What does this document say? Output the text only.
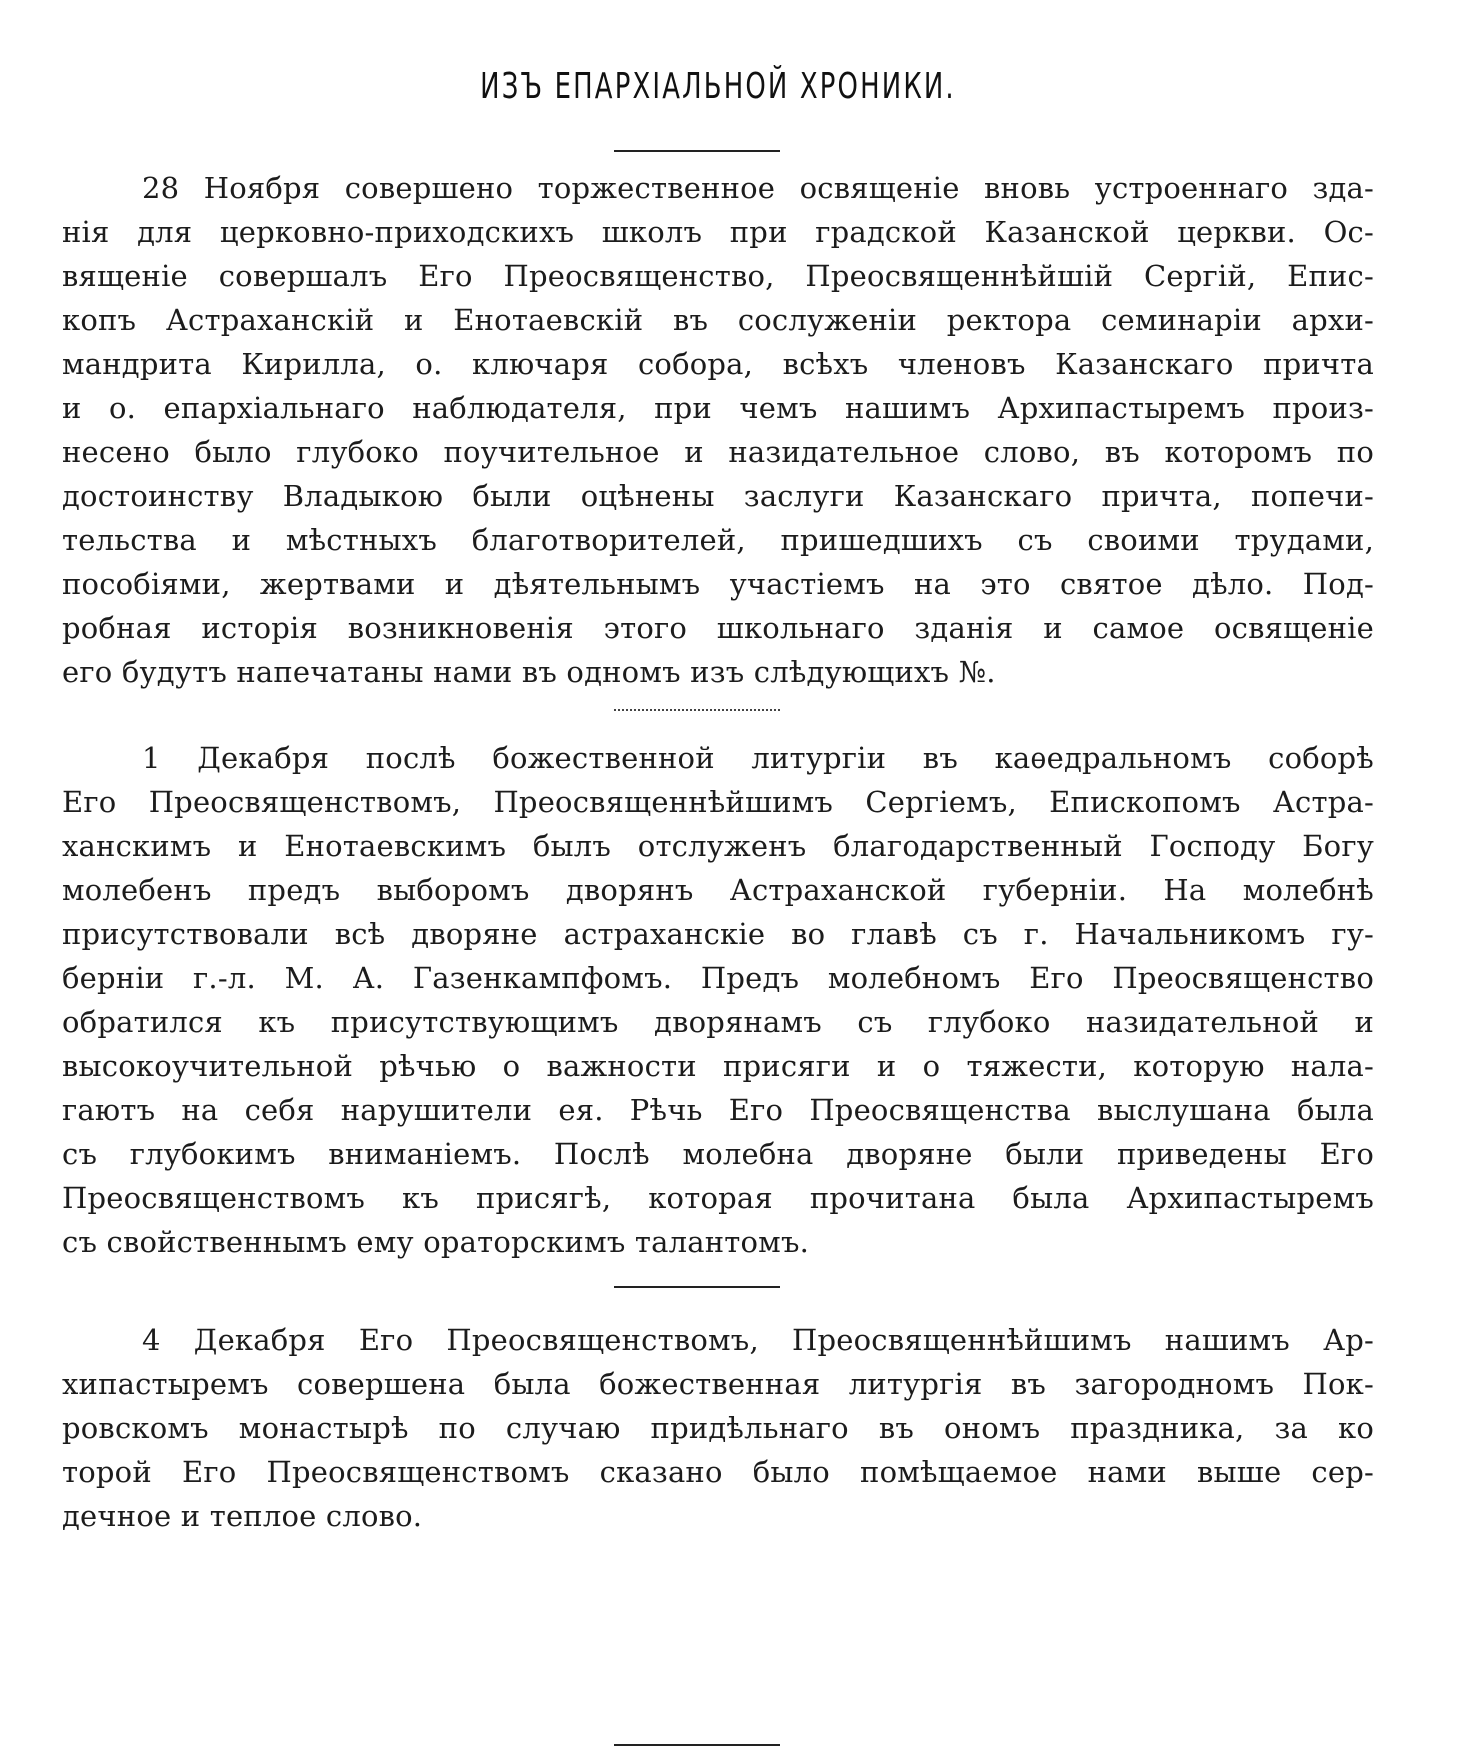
ИЗЪ ЕПАРХІАЛЬНОЙ ХРОНИКИ.
28 Ноября совершено торжественное освященіе вновь устроеннаго зда-
нія для церковно-приходскихъ школъ при градской Казанской церкви. Ос-
вященіе совершалъ Его Преосвященство, Преосвященнѣйшій Сергій, Епис-
копъ Астраханскій и Енотаевскій въ сослуженіи ректора семинаріи архи-
мандрита Кирилла, о. ключаря собора, всѣхъ членовъ Казанскаго причта
и о. епархіальнаго наблюдателя, при чемъ нашимъ Архипастыремъ произ-
несено было глубоко поучительное и назидательное слово, въ которомъ по
достоинству Владыкою были оцѣнены заслуги Казанскаго причта, попечи-
тельства и мѣстныхъ благотворителей, пришедшихъ съ своими трудами,
пособіями, жертвами и дѣятельнымъ участіемъ на это святое дѣло. Под-
робная исторія возникновенія этого школьнаго зданія и самое освященіе
его будутъ напечатаны нами въ одномъ изъ слѣдующихъ №.
1 Декабря послѣ божественной литургіи въ каѳедральномъ соборѣ
Его Преосвященствомъ, Преосвященнѣйшимъ Сергіемъ, Епископомъ Астра-
ханскимъ и Енотаевскимъ былъ отслуженъ благодарственный Господу Богу
молебенъ предъ выборомъ дворянъ Астраханской губерніи. На молебнѣ
присутствовали всѣ дворяне астраханскіе во главѣ съ г. Начальникомъ гу-
берніи г.-л. М. А. Газенкампфомъ. Предъ молебномъ Его Преосвященство
обратился къ присутствующимъ дворянамъ съ глубоко назидательной и
высокоучительной рѣчью о важности присяги и о тяжести, которую нала-
гаютъ на себя нарушители ея. Рѣчь Его Преосвященства выслушана была
съ глубокимъ вниманіемъ. Послѣ молебна дворяне были приведены Его
Преосвященствомъ къ присягѣ, которая прочитана была Архипастыремъ
съ свойственнымъ ему ораторскимъ талантомъ.
4 Декабря Его Преосвященствомъ, Преосвященнѣйшимъ нашимъ Ар-
хипастыремъ совершена была божественная литургія въ загородномъ Пок-
ровскомъ монастырѣ по случаю придѣльнаго въ ономъ праздника, за ко
торой Его Преосвященствомъ сказано было помѣщаемое нами выше сер-
дечное и теплое слово.
